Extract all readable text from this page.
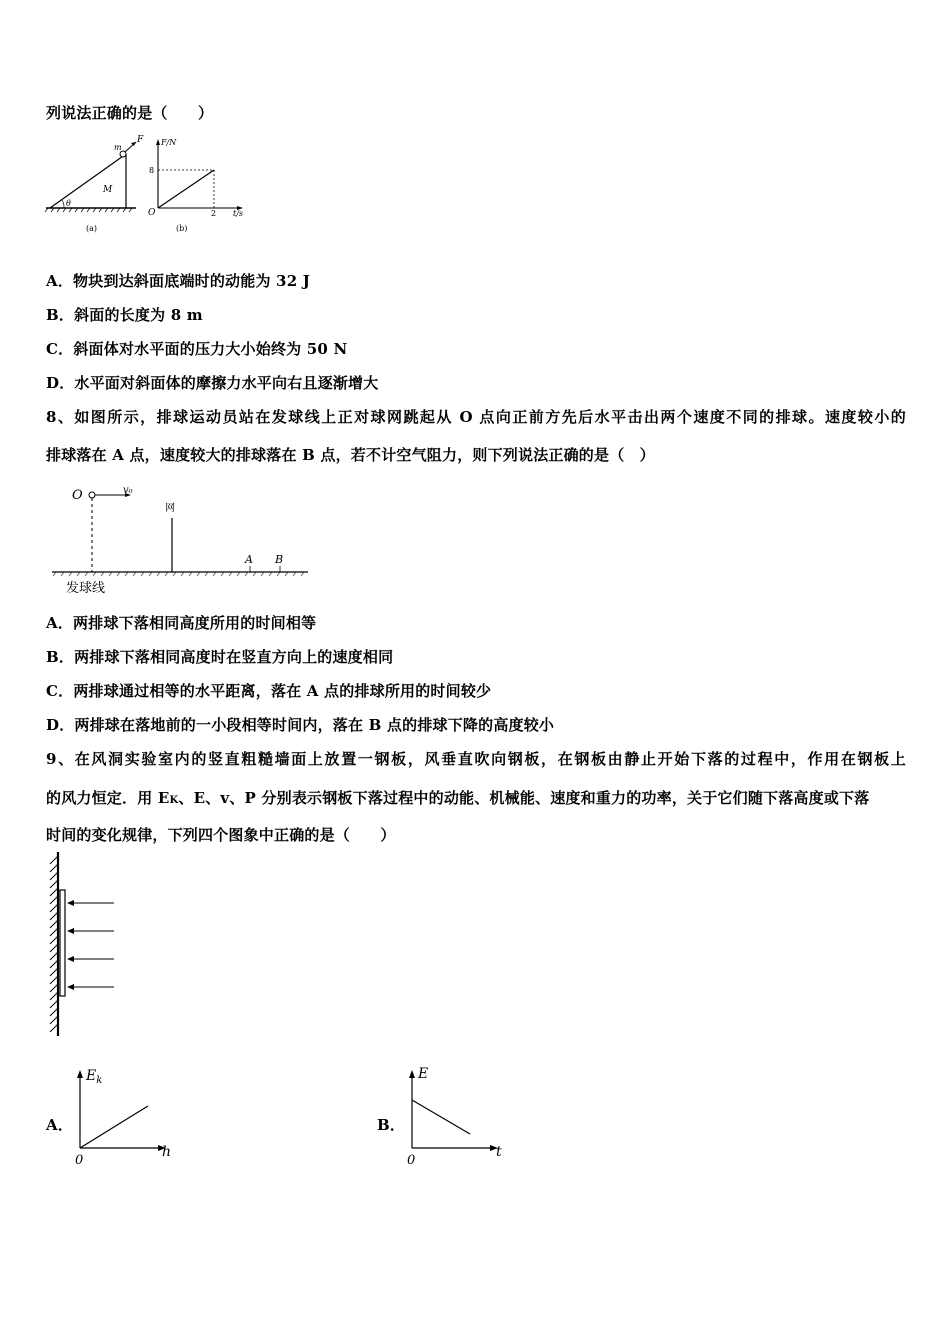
列说法正确的是（　　）
F
m
M
θ
(a)
F/N
t/s
O
8
2
(b)
A．物块到达斜面底端时的动能为 32 J
B．斜面的长度为 8 m
C．斜面体对水平面的压力大小始终为 50 N
D．水平面对斜面体的摩擦力水平向右且逐渐增大
8、如图所示，排球运动员站在发球线上正对球网跳起从 O 点向正前方先后水平击出两个速度不同的排球。速度较小的
排球落在 A 点，速度较大的排球落在 B 点，若不计空气阻力，则下列说法正确的是（　）
O	v₀
网
A B
发球线
A．两排球下落相同高度所用的时间相等
B．两排球下落相同高度时在竖直方向上的速度相同
C．两排球通过相等的水平距离，落在 A 点的排球所用的时间较少
D．两排球在落地前的一小段相等时间内，落在 B 点的排球下降的高度较小
9、在风洞实验室内的竖直粗糙墙面上放置一钢板，风垂直吹向钢板，在钢板由静止开始下落的过程中，作用在钢板上
的风力恒定．用 EK、E、v、P 分别表示钢板下落过程中的动能、机械能、速度和重力的功率，关于它们随下落高度或下落
时间的变化规律，下列四个图象中正确的是（　　）
A．
$E_k$
h
0
B．
E
t
0
